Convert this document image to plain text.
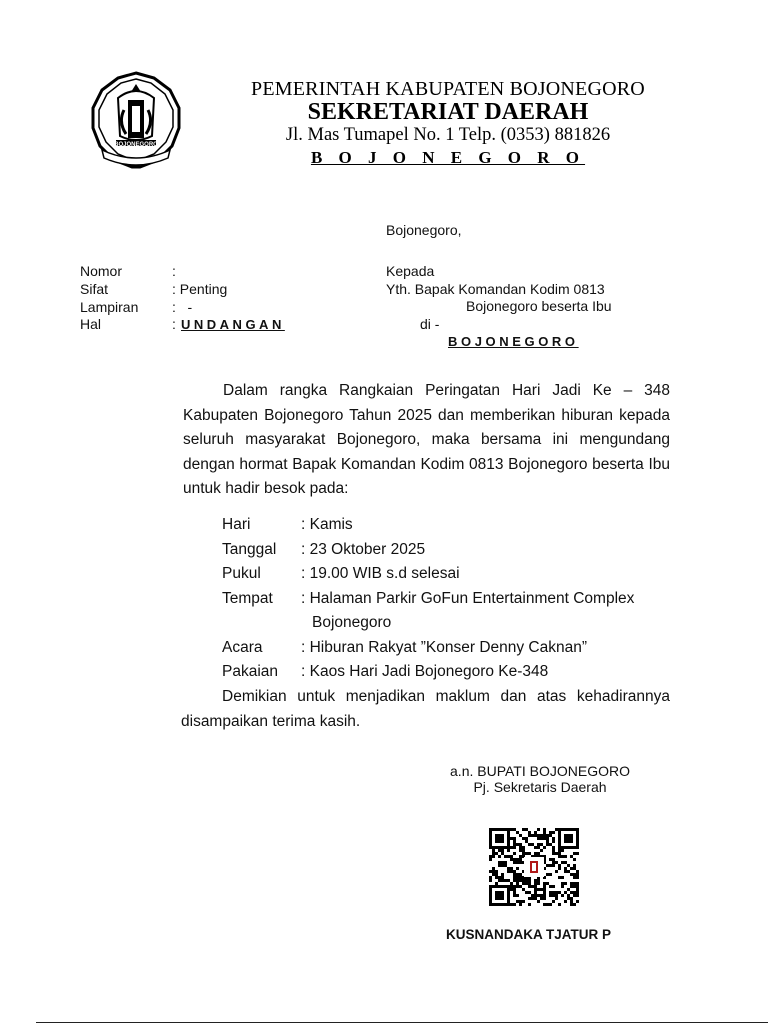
BOJONEGORO
PEMERINTAH KABUPATEN BOJONEGORO
SEKRETARIAT DAERAH
Jl. Mas Tumapel No. 1 Telp. (0353) 881826
B O J O N E G O R O
Bojonegoro,
Nomor	:
Sifat	: Penting
Lampiran :   -
Hal	: UNDANGAN
Kepada
Yth. Bapak Komandan Kodim 0813
Bojonegoro beserta Ibu
di -
BOJONEGORO
Dalam rangka Rangkaian Peringatan Hari Jadi Ke – 348 Kabupaten Bojonegoro Tahun 2025 dan memberikan hiburan kepada seluruh masyarakat Bojonegoro, maka bersama ini mengundang dengan hormat Bapak Komandan Kodim 0813 Bojonegoro beserta Ibu untuk hadir besok pada:
Hari	: Kamis
Tanggal : 23 Oktober 2025
Pukul	: 19.00 WIB s.d selesai
Tempat : Halaman Parkir GoFun Entertainment Complex
Bojonegoro
Acara : Hiburan Rakyat ”Konser Denny Caknan”
Pakaian : Kaos Hari Jadi Bojonegoro Ke-348
Demikian untuk menjadikan maklum dan atas kehadirannya disampaikan terima kasih.
a.n. BUPATI BOJONEGORO
Pj. Sekretaris Daerah
KUSNANDAKA TJATUR P
